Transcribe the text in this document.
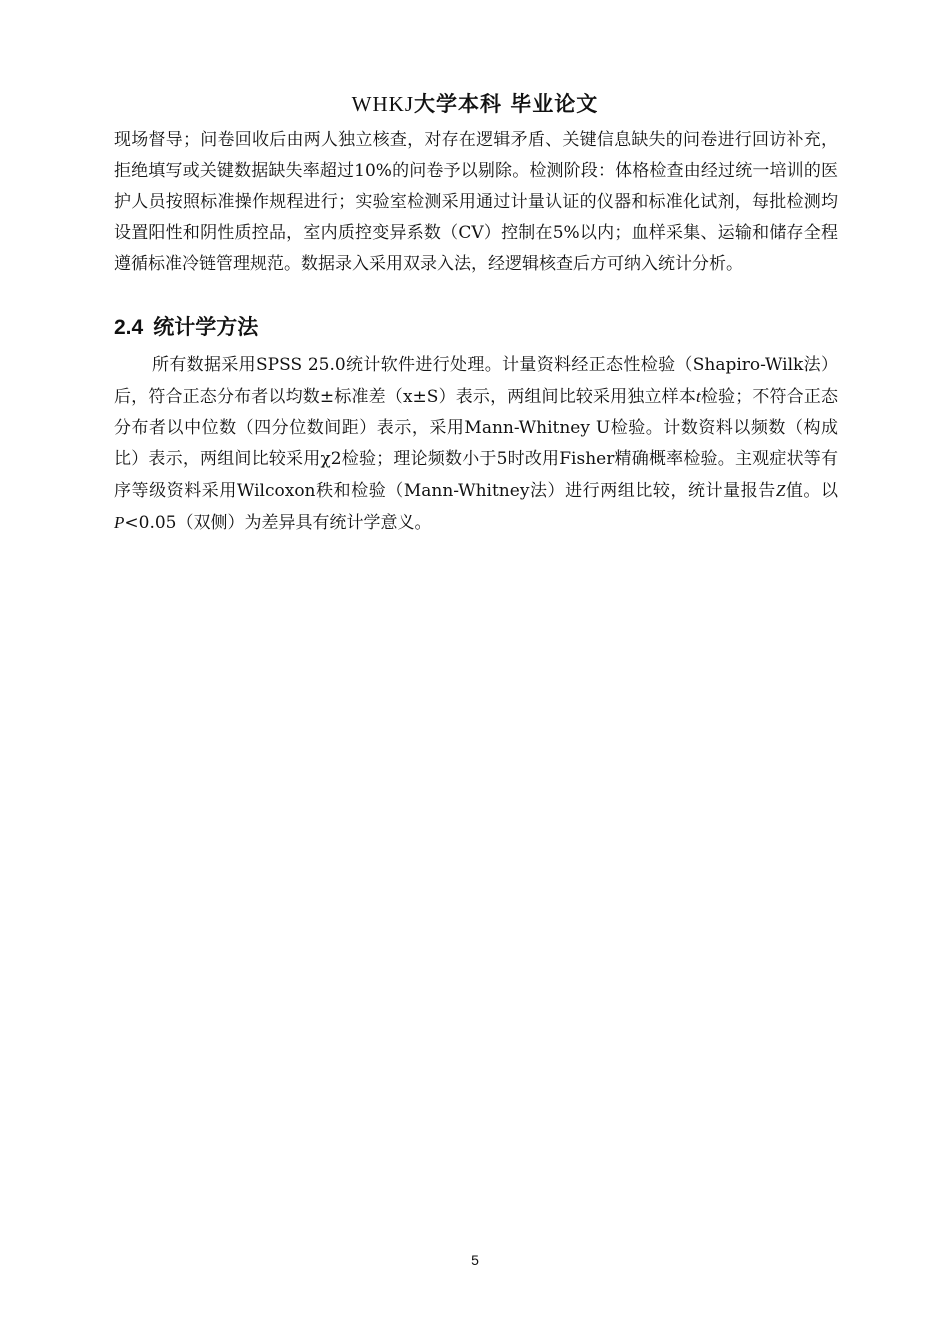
WHKJ大学本科 毕业论文

现场督导；问卷回收后由两人独立核查，对存在逻辑矛盾、关键信息缺失的问卷进行回访补充，拒绝填写或关键数据缺失率超过10%的问卷予以剔除。检测阶段：体格检查由经过统一培训的医护人员按照标准操作规程进行；实验室检测采用通过计量认证的仪器和标准化试剂，每批检测均设置阳性和阴性质控品，室内质控变异系数（CV）控制在5%以内；血样采集、运输和储存全程遵循标准冷链管理规范。数据录入采用双录入法，经逻辑核查后方可纳入统计分析。

2.4 统计学方法

所有数据采用SPSS 25.0统计软件进行处理。计量资料经正态性检验（Shapiro-Wilk法）后，符合正态分布者以均数±标准差（x±S）表示，两组间比较采用独立样本t检验；不符合正态分布者以中位数（四分位数间距）表示，采用Mann-Whitney U检验。计数资料以频数（构成比）表示，两组间比较采用χ2检验；理论频数小于5时改用Fisher精确概率检验。主观症状等有序等级资料采用Wilcoxon秩和检验（Mann-Whitney法）进行两组比较，统计量报告Z值。以P<0.05（双侧）为差异具有统计学意义。

5
